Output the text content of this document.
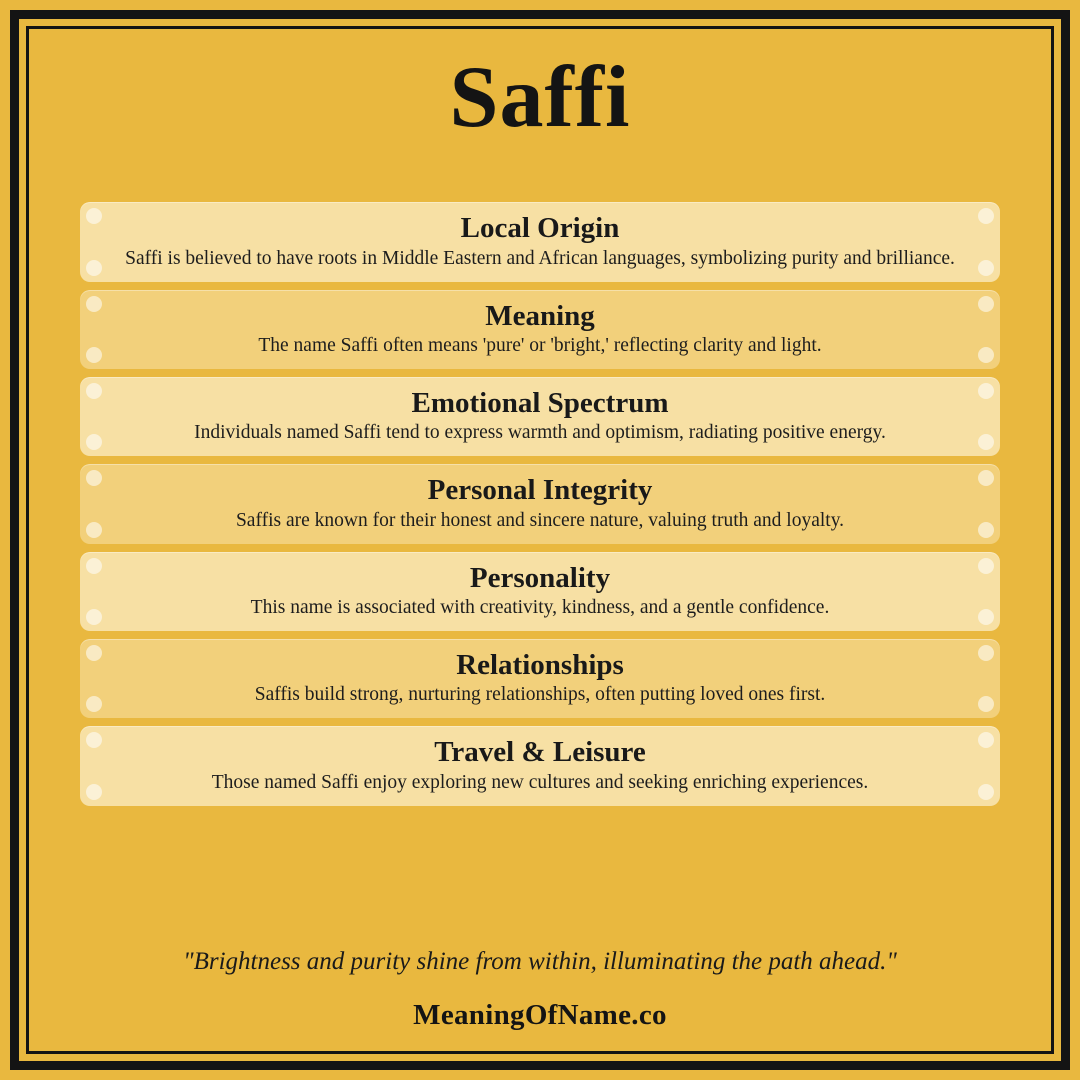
Saffi
Local Origin
Saffi is believed to have roots in Middle Eastern and African languages, symbolizing purity and brilliance.
Meaning
The name Saffi often means 'pure' or 'bright,' reflecting clarity and light.
Emotional Spectrum
Individuals named Saffi tend to express warmth and optimism, radiating positive energy.
Personal Integrity
Saffis are known for their honest and sincere nature, valuing truth and loyalty.
Personality
This name is associated with creativity, kindness, and a gentle confidence.
Relationships
Saffis build strong, nurturing relationships, often putting loved ones first.
Travel & Leisure
Those named Saffi enjoy exploring new cultures and seeking enriching experiences.
"Brightness and purity shine from within, illuminating the path ahead."
MeaningOfName.co
